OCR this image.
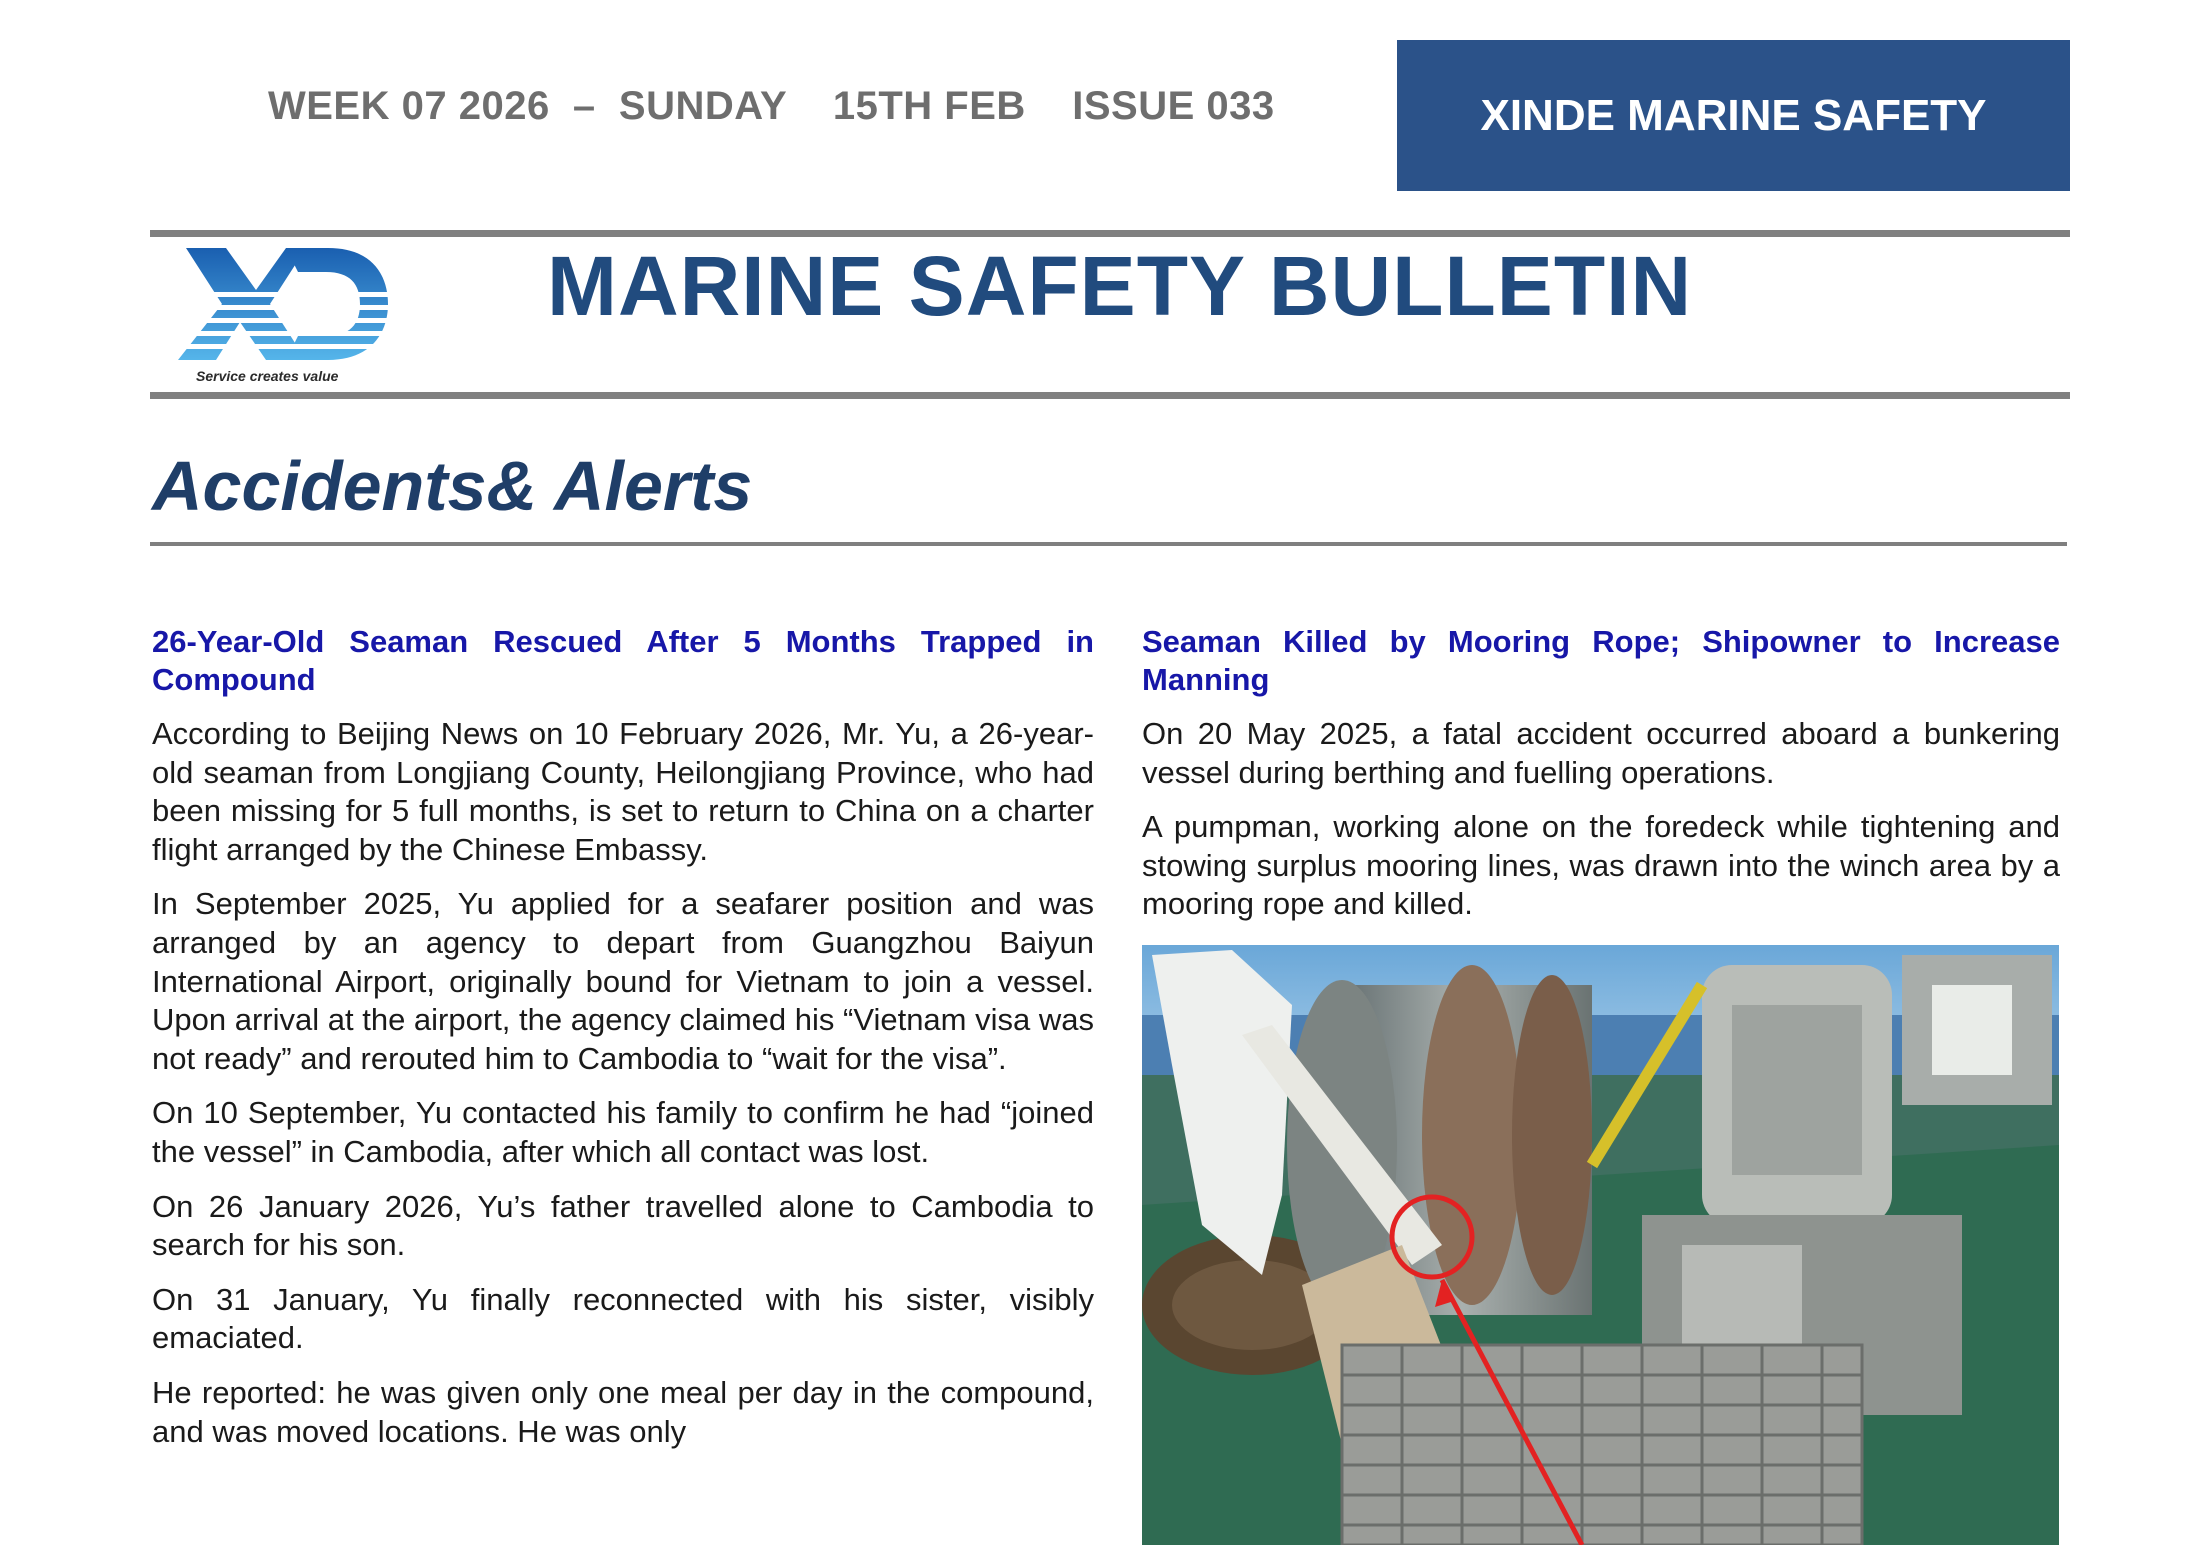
WEEK 07 2026  –  SUNDAY    15TH FEB    ISSUE 033	XINDE MARINE SAFETY
Service creates value
MARINE SAFETY BULLETIN
Accidents& Alerts
26-Year-Old Seaman Rescued After 5 Months Trapped in Compound

According to Beijing News on 10 February 2026, Mr. Yu, a 26-year-old seaman from Longjiang County, Heilongjiang Province, who had been missing for 5 full months, is set to return to China on a charter flight arranged by the Chinese Embassy.

In September 2025, Yu applied for a seafarer position and was arranged by an agency to depart from Guangzhou Baiyun International Airport, originally bound for Vietnam to join a vessel. Upon arrival at the airport, the agency claimed his “Vietnam visa was not ready” and rerouted him to Cambodia to “wait for the visa”.

On 10 September, Yu contacted his family to confirm he had “joined the vessel” in Cambodia, after which all contact was lost.

On 26 January 2026, Yu’s father travelled alone to Cambodia to search for his son.

On 31 January, Yu finally reconnected with his sister, visibly emaciated.

He reported: he was given only one meal per day in the compound, and was moved locations. He was only

Seaman Killed by Mooring Rope; Shipowner to Increase Manning

On 20 May 2025, a fatal accident occurred aboard a bunkering vessel during berthing and fuelling operations.

A pumpman, working alone on the foredeck while tightening and stowing surplus mooring lines, was drawn into the winch area by a mooring rope and killed.
